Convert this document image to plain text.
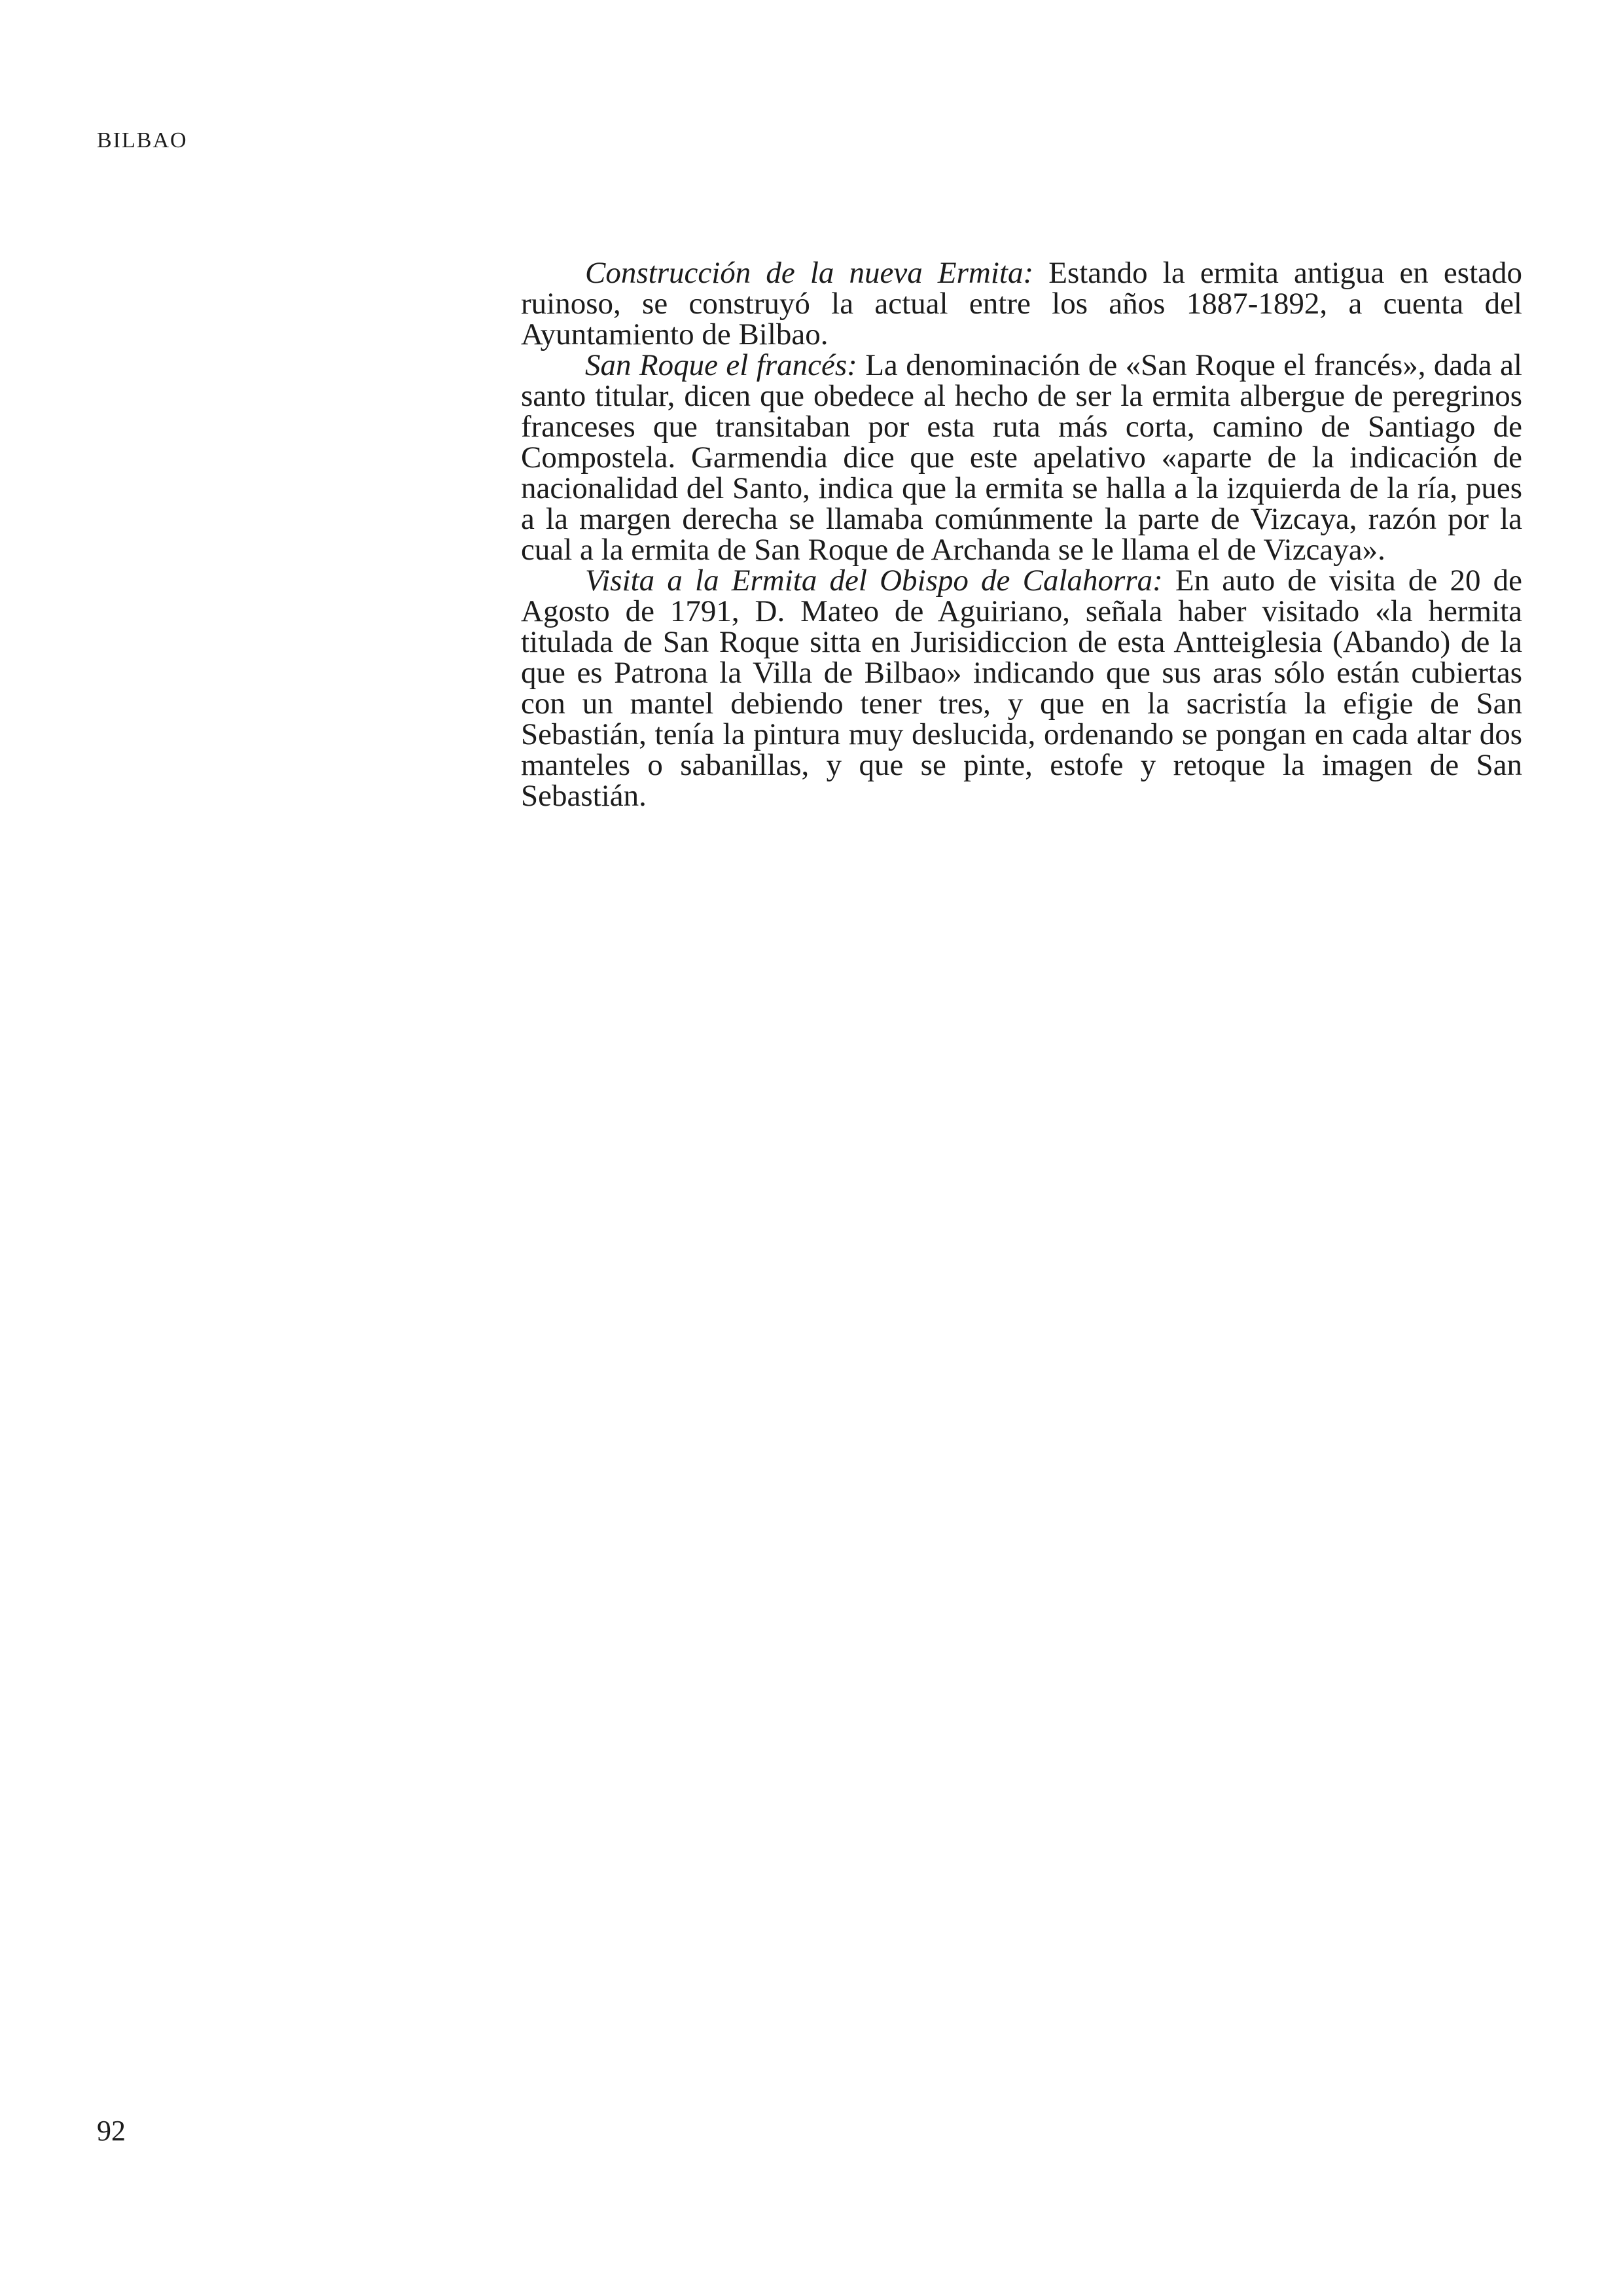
BILBAO

Construcción de la nueva Ermita: Estando la ermita antigua en estado ruinoso, se construyó la actual entre los años 1887-1892, a cuenta del Ayuntamiento de Bilbao.

San Roque el francés: La denominación de «San Roque el francés», dada al santo titular, dicen que obedece al hecho de ser la ermita albergue de peregrinos franceses que transitaban por esta ruta más corta, camino de Santiago de Compostela. Garmendia dice que este apelativo «aparte de la indicación de nacionalidad del Santo, indica que la ermita se halla a la izquierda de la ría, pues a la margen derecha se llamaba comúnmente la parte de Vizcaya, razón por la cual a la ermita de San Roque de Archanda se le llama el de Vizcaya».

Visita a la Ermita del Obispo de Calahorra: En auto de visita de 20 de Agosto de 1791, D. Mateo de Aguiriano, señala haber visitado «la hermita titulada de San Roque sitta en Jurisidiccion de esta Antteiglesia (Abando) de la que es Patrona la Villa de Bilbao» indicando que sus aras sólo están cubiertas con un mantel debiendo tener tres, y que en la sacristía la efigie de San Sebastián, tenía la pintura muy deslucida, ordenando se pongan en cada altar dos manteles o sabanillas, y que se pinte, estofe y retoque la imagen de San Sebastián.

92
